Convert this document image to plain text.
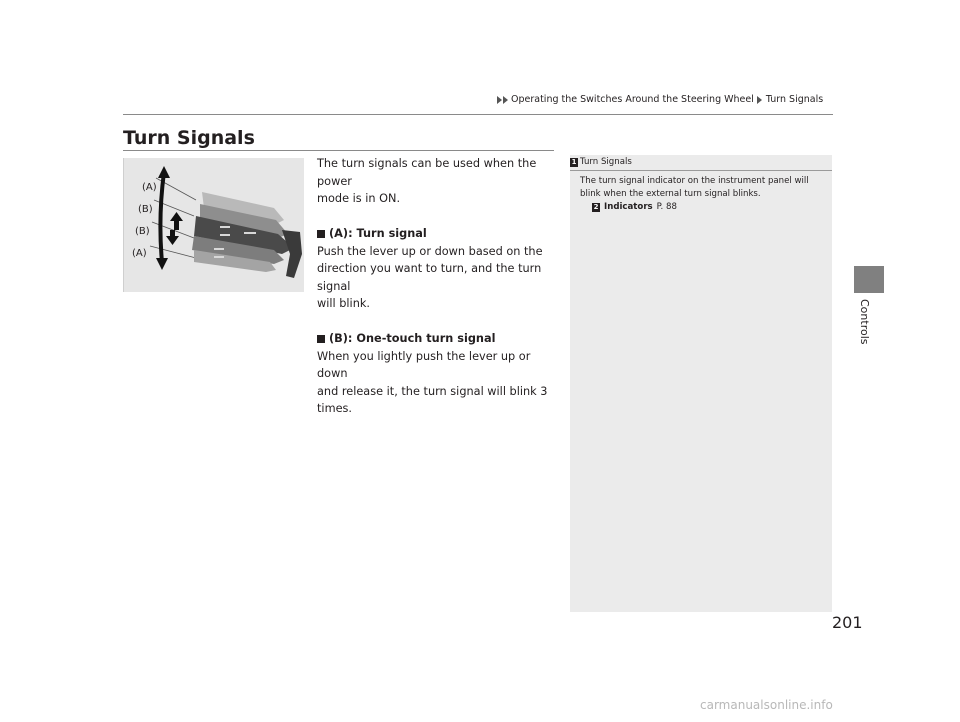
Operating the Switches Around the Steering Wheel Turn Signals
Controls
Turn Signals
(A)
(B)
(B)
(A)

The turn signals can be used when the power

mode is in ON.

(A): Turn signal

Push the lever up or down based on the

direction you want to turn, and the turn signal

will blink.

(B): One-touch turn signal

When you lightly push the lever up or down

and release it, the turn signal will blink 3

times.

1 Turn Signals
The turn signal indicator on the instrument panel will
blink when the external turn signal blinks.
2 Indicators P. 88
201
carmanualsonline.info
